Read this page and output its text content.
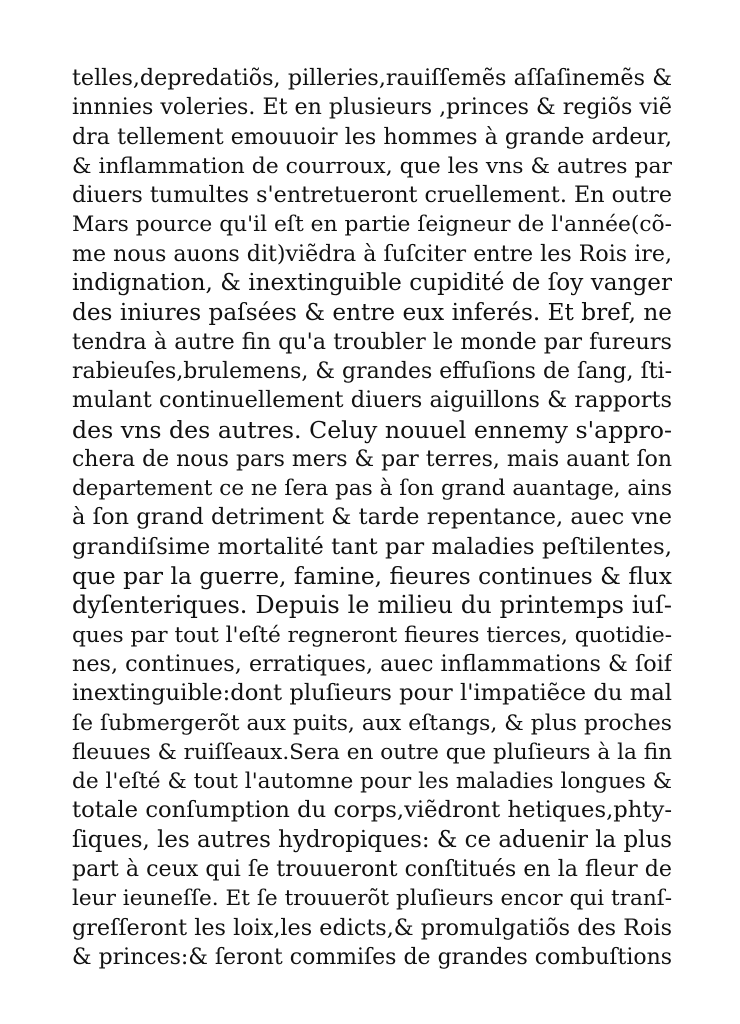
telles,depredatiõs, pilleries,rauiſſemẽs aſſaſinemẽs &
innnies voleries. Et en plusieurs ,princes & regiõs viẽ
dra tellement emouuoir les hommes à grande ardeur,
& inflammation de courroux, que les vns & autres par
diuers tumultes s'entretueront cruellement. En outre
Mars pource qu'il eſt en partie ſeigneur de l'année(cõ-
me nous auons dit)viẽdra à ſuſciter entre les Rois ire,
indignation, & inextinguible cupidité de ſoy vanger
des iniures paſsées & entre eux inferés. Et bref, ne
tendra à autre fin qu'a troubler le monde par fureurs
rabieuſes,brulemens, & grandes effuſions de ſang, ſti-
mulant continuellement diuers aiguillons & rapports
des vns des autres. Celuy nouuel ennemy s'appro-
chera de nous pars mers & par terres, mais auant ſon
departement ce ne ſera pas à ſon grand auantage, ains
à ſon grand detriment & tarde repentance, auec vne
grandiſsime mortalité tant par maladies peſtilentes,
que par la guerre, famine, fieures continues & flux
dyſenteriques. Depuis le milieu du printemps iuſ-
ques par tout l'eſté regneront fieures tierces, quotidie-
nes, continues, erratiques, auec inflammations & ſoif
inextinguible:dont pluſieurs pour l'impatiẽce du mal
ſe ſubmergerõt aux puits, aux eſtangs, & plus proches
fleuues & ruiſſeaux.Sera en outre que pluſieurs à la fin
de l'eſté & tout l'automne pour les maladies longues &
totale conſumption du corps,viẽdront hetiques,phty-
ſiques, les autres hydropiques: & ce aduenir la plus
part à ceux qui ſe trouueront conſtitués en la fleur de
leur ieuneſſe. Et ſe trouuerõt pluſieurs encor qui tranſ-
greſſeront les loix,les edicts,& promulgatiõs des Rois
& princes:& ſeront commiſes de grandes combuſtions
